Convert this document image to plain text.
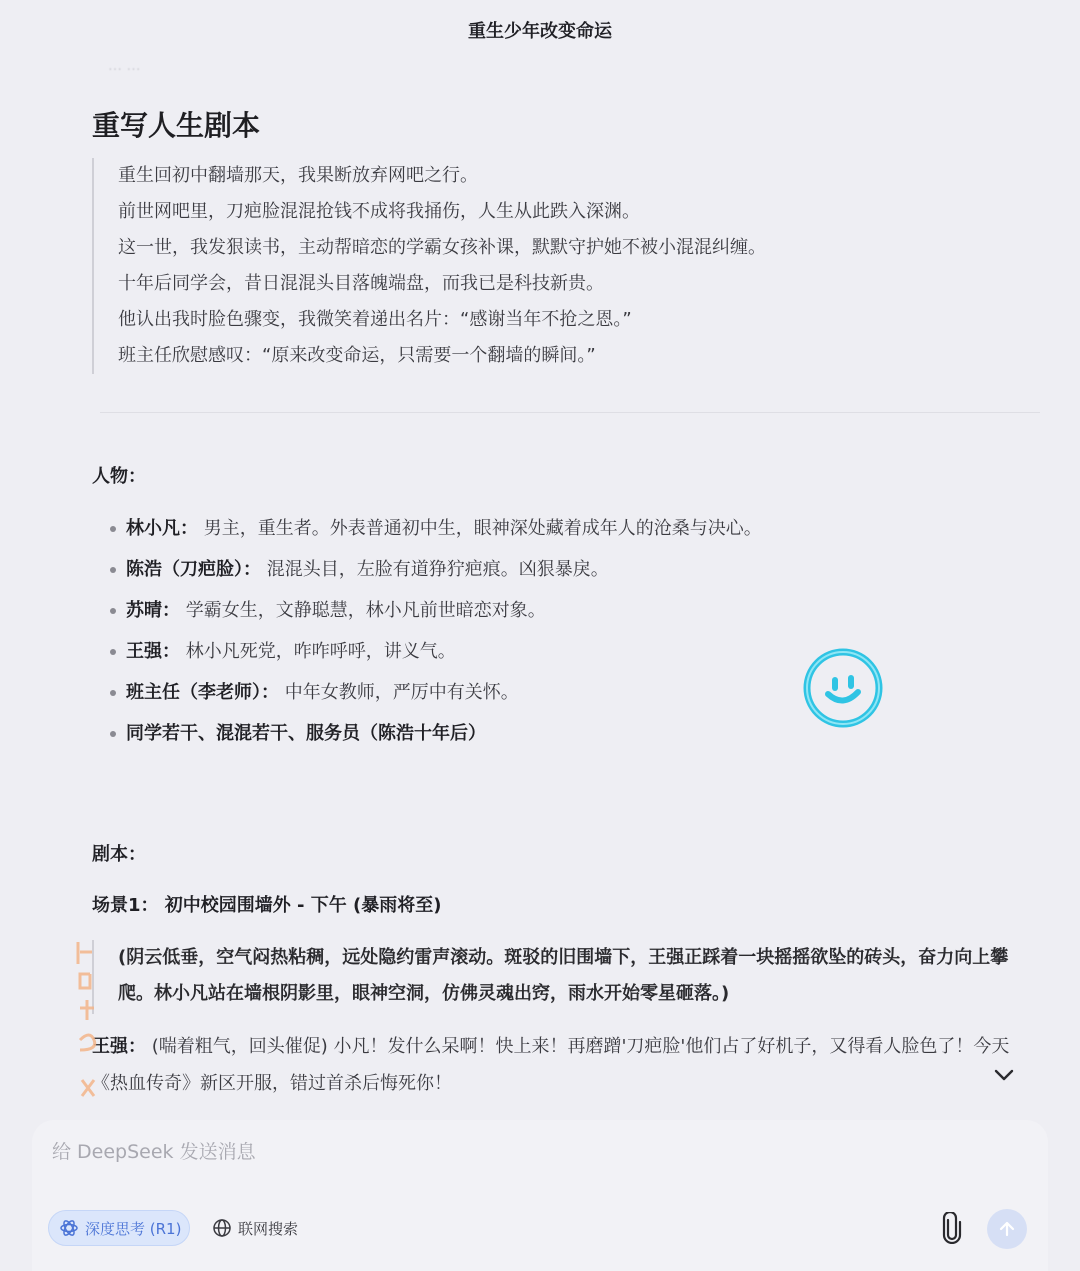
重生少年改变命运
… …
重写人生剧本

重生回初中翻墙那天，我果断放弃网吧之行。

前世网吧里，刀疤脸混混抢钱不成将我捅伤，人生从此跌入深渊。

这一世，我发狠读书，主动帮暗恋的学霸女孩补课，默默守护她不被小混混纠缠。

十年后同学会，昔日混混头目落魄端盘，而我已是科技新贵。

他认出我时脸色骤变，我微笑着递出名片：“感谢当年不抢之恩。”

班主任欣慰感叹：“原来改变命运，只需要一个翻墙的瞬间。”

人物：
林小凡： 男主，重生者。外表普通初中生，眼神深处藏着成年人的沧桑与决心。
陈浩（刀疤脸）： 混混头目，左脸有道狰狞疤痕。凶狠暴戾。
苏晴： 学霸女生，文静聪慧，林小凡前世暗恋对象。
王强： 林小凡死党，咋咋呼呼，讲义气。
班主任（李老师）： 中年女教师，严厉中有关怀。
同学若干、混混若干、服务员（陈浩十年后）
剧本：
场景1： 初中校园围墙外 - 下午 (暴雨将至)
(阴云低垂，空气闷热粘稠，远处隐约雷声滚动。斑驳的旧围墙下，王强正踩着一块摇摇欲坠的砖头，奋力向上攀爬。林小凡站在墙根阴影里，眼神空洞，仿佛灵魂出窍，雨水开始零星砸落。)
王强： (喘着粗气，回头催促) 小凡！发什么呆啊！快上来！再磨蹭'刀疤脸'他们占了好机子，又得看人脸色了！今天《热血传奇》新区开服，错过首杀后悔死你！
给 DeepSeek 发送消息
深度思考 (R1)	联网搜索
